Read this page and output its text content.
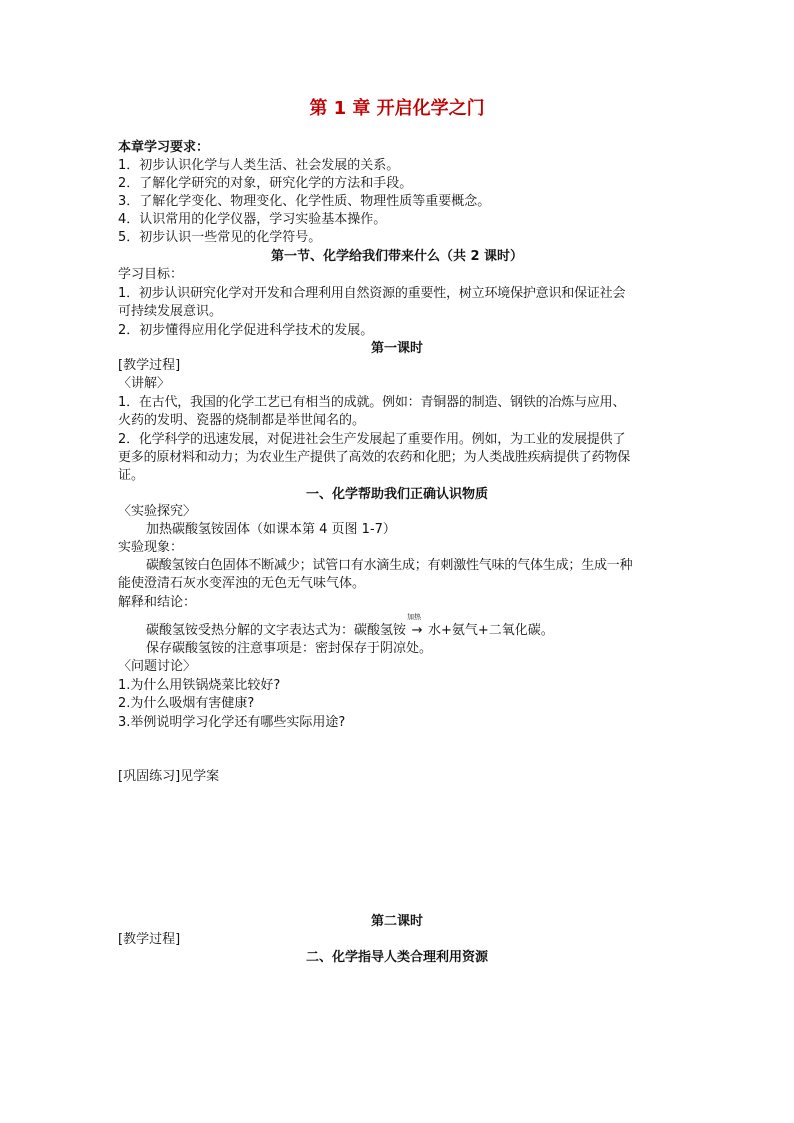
第 1 章 开启化学之门
本章学习要求：
1．初步认识化学与人类生活、社会发展的关系。
2．了解化学研究的对象，研究化学的方法和手段。
3．了解化学变化、物理变化、化学性质、物理性质等重要概念。
4．认识常用的化学仪器，学习实验基本操作。
5．初步认识一些常见的化学符号。
第一节、化学给我们带来什么（共 2 课时）
学习目标：
1．初步认识研究化学对开发和合理利用自然资源的重要性，树立环境保护意识和保证社会
可持续发展意识。
2．初步懂得应用化学促进科学技术的发展。
第一课时
[教学过程]
〈讲解〉
1．在古代，我国的化学工艺已有相当的成就。例如：青铜器的制造、钢铁的冶炼与应用、
火药的发明、瓷器的烧制都是举世闻名的。
2．化学科学的迅速发展，对促进社会生产发展起了重要作用。例如，为工业的发展提供了
更多的原材料和动力；为农业生产提供了高效的农药和化肥；为人类战胜疾病提供了药物保
证。
一、化学帮助我们正确认识物质
〈实验探究〉
加热碳酸氢铵固体（如课本第 4 页图 1-7）
实验现象：
碳酸氢铵白色固体不断减少；试管口有水滴生成；有刺激性气味的气体生成；生成一种
能使澄清石灰水变浑浊的无色无气味气体。
解释和结论：
碳酸氢铵受热分解的文字表达式为：碳酸氢铵
加热
→ 水+氨气+二氧化碳。
保存碳酸氢铵的注意事项是：密封保存于阴凉处。
〈问题讨论〉
1.为什么用铁锅烧菜比较好?
2.为什么吸烟有害健康?
3.举例说明学习化学还有哪些实际用途?
[巩固练习]见学案
第二课时
[教学过程]
二、化学指导人类合理利用资源
